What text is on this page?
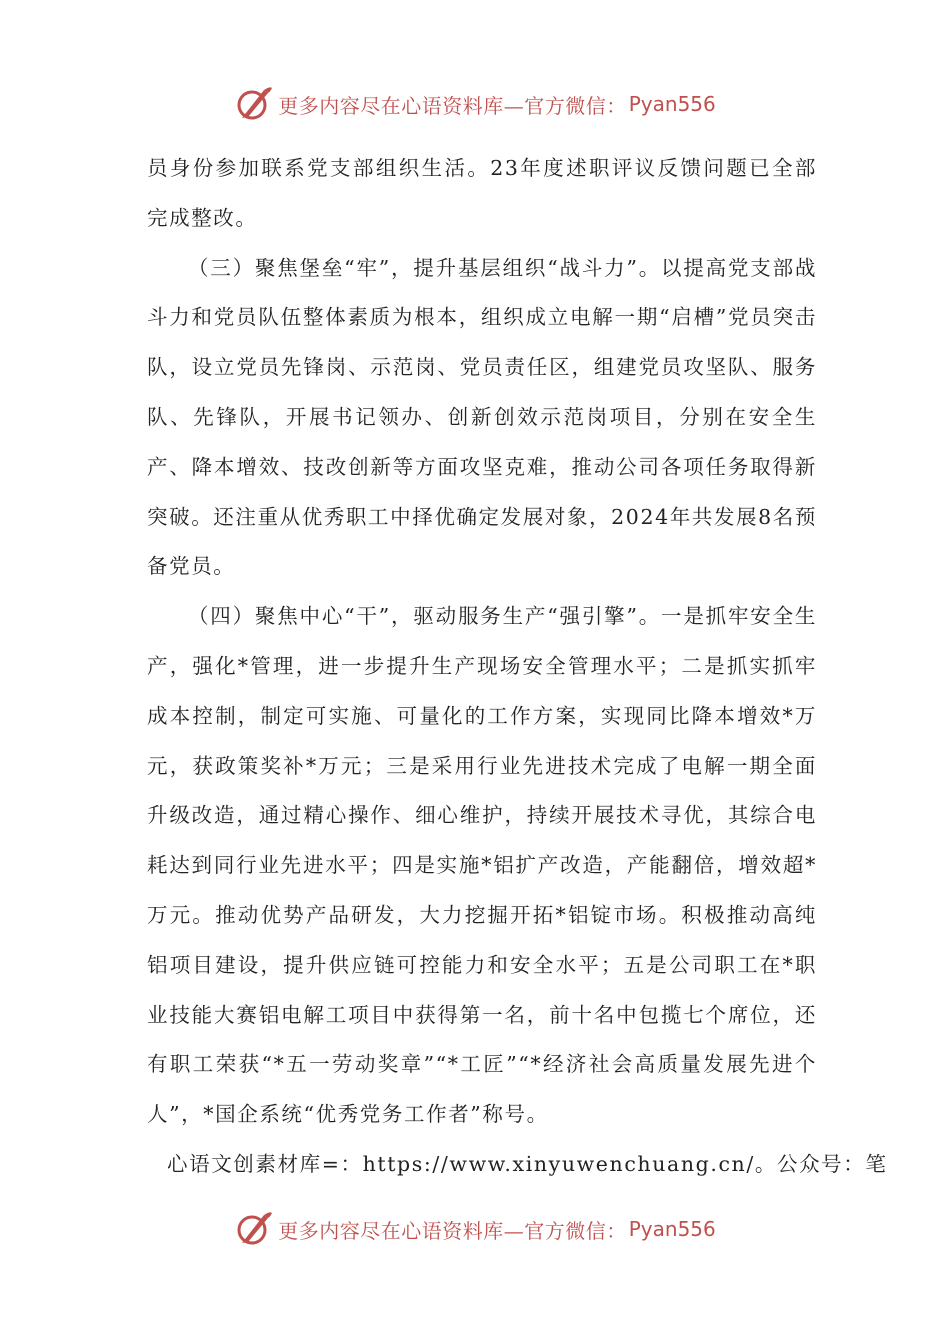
更多内容尽在心语资料库—官方微信： Pyan556

员身份参加联系党支部组织生活。23年度述职评议反馈问题已全部完成整改。

（三）聚焦堡垒“牢”，提升基层组织“战斗力”。以提高党支部战斗力和党员队伍整体素质为根本，组织成立电解一期“启槽”党员突击队，设立党员先锋岗、示范岗、党员责任区，组建党员攻坚队、服务队、先锋队，开展书记领办、创新创效示范岗项目，分别在安全生产、降本增效、技改创新等方面攻坚克难，推动公司各项任务取得新突破。还注重从优秀职工中择优确定发展对象，2024年共发展8名预备党员。

（四）聚焦中心“干”，驱动服务生产“强引擎”。一是抓牢安全生产，强化*管理，进一步提升生产现场安全管理水平；二是抓实抓牢成本控制，制定可实施、可量化的工作方案，实现同比降本增效*万元，获政策奖补*万元；三是采用行业先进技术完成了电解一期全面升级改造，通过精心操作、细心维护，持续开展技术寻优，其综合电耗达到同行业先进水平；四是实施*铝扩产改造，产能翻倍，增效超*万元。推动优势产品研发，大力挖掘开拓*铝锭市场。积极推动高纯铝项目建设，提升供应链可控能力和安全水平；五是公司职工在*职业技能大赛铝电解工项目中获得第一名，前十名中包揽七个席位，还有职工荣获“*五一劳动奖章”“*工匠”“*经济社会高质量发展先进个人”，*国企系统“优秀党务工作者”称号。

心语文创素材库=：https://www.xinyuwenchuang.cn/。公众号：笔

更多内容尽在心语资料库—官方微信： Pyan556
